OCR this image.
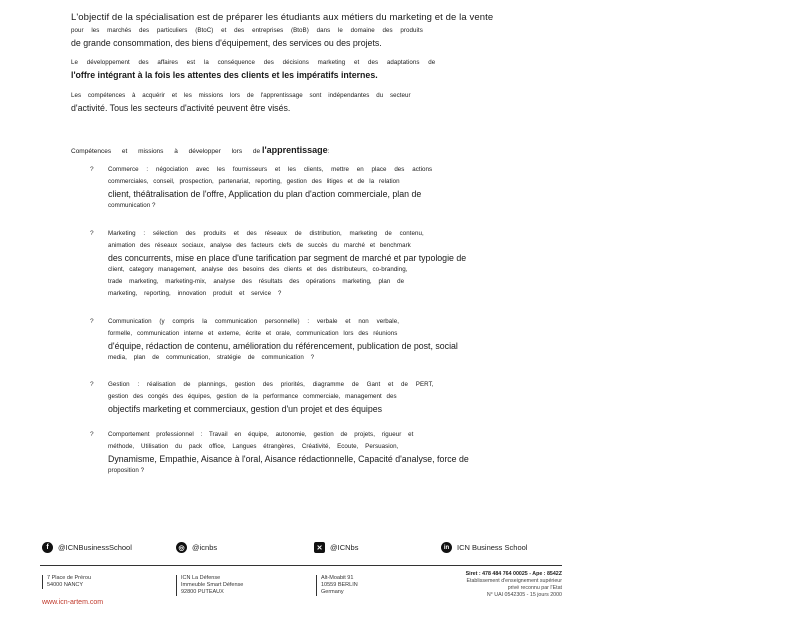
L'objectif de la spécialisation est de préparer les étudiants aux métiers du marketing et de la vente
pour les marchés des particuliers (BtoC) et des entreprises (BtoB) dans le domaine des produits
de grande consommation, des biens d'équipement, des services ou des projets.
Le développement des affaires est la conséquence des décisions marketing et des adaptations de
l'offre intégrant à la fois les attentes des clients et les impératifs internes.
Les compétences à acquérir et les missions lors de l'apprentissage sont indépendantes du secteur
d'activité. Tous les secteurs d'activité peuvent être visés.
Compétences et missions à développer lors de l'apprentissage:
? Commerce : négociation avec les fournisseurs et les clients, mettre en place des actions
commerciales, conseil, prospection, partenariat, reporting, gestion des litiges et de la relation
client, théâtralisation de l'offre, Application du plan d'action commerciale, plan de
communication ?
? Marketing : sélection des produits et des réseaux de distribution, marketing de contenu,
animation des réseaux sociaux, analyse des facteurs clefs de succès du marché et benchmark
des concurrents, mise en place d'une tarification par segment de marché et par typologie de
client, category management, analyse des besoins des clients et des distributeurs, co-branding,
trade marketing, marketing-mix, analyse des résultats des opérations marketing, plan de
marketing, reporting, innovation produit et service ?
? Communication (y compris la communication personnelle) : verbale et non verbale,
formelle, communication interne et externe, écrite et orale, communication lors des réunions
d'équipe, rédaction de contenu, amélioration du référencement, publication de post, social
media, plan de communication, stratégie de communication ?
? Gestion : réalisation de plannings, gestion des priorités, diagramme de Gant et de PERT,
gestion des congés des équipes, gestion de la performance commerciale, management des
objectifs marketing et commerciaux, gestion d'un projet et des équipes
? Comportement professionnel : Travail en équipe, autonomie, gestion de projets, rigueur et
méthode, Utilisation du pack office, Langues étrangères, Créativité, Ecoute, Persuasion,
Dynamisme, Empathie, Aisance à l'oral, Aisance rédactionnelle, Capacité d'analyse, force de
proposition ?
f	@ICNBusinessSchool	◎ @icnbs	✕	@ICNbs	in	ICN Business School
7 Place de Prérou
54000 NANCY
ICN La Défense
Immeuble Smart Défense
92800 PUTEAUX
Alt-Moabit 91
10559 BERLIN
Germany
Siret : 478 484 764 00025 - Ape : 8542Z
Etablissement d'enseignement supérieur
privé reconnu par l'Etat
N° UAI 0542305 - 15 jours 2000
www.icn-artem.com
